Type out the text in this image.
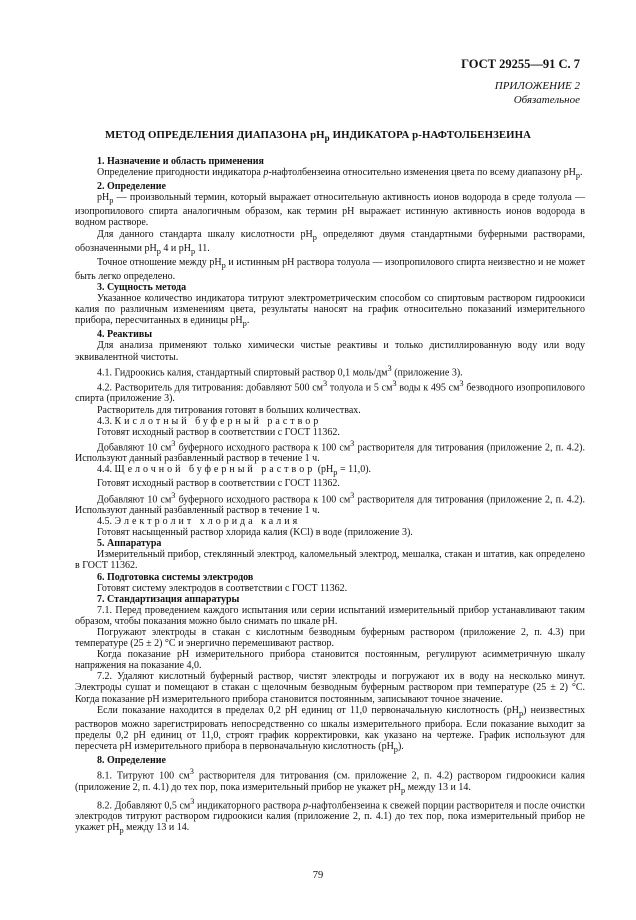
ГОСТ 29255—91 С. 7
ПРИЛОЖЕНИЕ 2
Обязательное
МЕТОД ОПРЕДЕЛЕНИЯ ДИАПАЗОНА $pH_p$ ИНДИКАТОРА p-НАФТОЛБЕНЗЕИНА
1. Назначение и область применения

Определение пригодности индикатора p-нафтолбензеина относительно изменения цвета по всему диапазону $pH_p$.

2. Определение

$pH_p$ — произвольный термин, который выражает относительную активность ионов водорода в среде толуола — изопропилового спирта аналогичным образом, как термин pH выражает истинную активность ионов водорода в водном растворе.

Для данного стандарта шкалу кислотности $pH_p$ определяют двумя стандартными буферными растворами, обозначенными $pH_p$ 4 и $pH_p$ 11.

Точное отношение между $pH_p$ и истинным pH раствора толуола — изопропилового спирта неизвестно и не может быть легко определено.

3. Сущность метода

Указанное количество индикатора титруют электрометрическим способом со спиртовым раствором гидроокиси калия по различным изменениям цвета, результаты наносят на график относительно показаний измерительного прибора, пересчитанных в единицы $pH_p$.

4. Реактивы

Для анализа применяют только химически чистые реактивы и только дистиллированную воду или воду эквивалентной чистоты.

4.1. Гидроокись калия, стандартный спиртовый раствор 0,1 моль/$дм^3$ (приложение 3).

4.2. Растворитель для титрования: добавляют 500 $см^3$ толуола и 5 $см^3$ воды к 495 $см^3$ безводного изопропилового спирта (приложение 3).

Растворитель для титрования готовят в больших количествах.

4.3. Кислотный буферный раствор

Готовят исходный раствор в соответствии с ГОСТ 11362.

Добавляют 10 $см^3$ буферного исходного раствора к 100 $см^3$ растворителя для титрования (приложение 2, п. 4.2). Используют данный разбавленный раствор в течение 1 ч.

4.4. Щелочной буферный раствор $(pH_p = 11,0)$.

Готовят исходный раствор в соответствии с ГОСТ 11362.

Добавляют 10 $см^3$ буферного исходного раствора к 100 $см^3$ растворителя для титрования (приложение 2, п. 4.2). Используют данный разбавленный раствор в течение 1 ч.

4.5. Электролит хлорида калия

Готовят насыщенный раствор хлорида калия (KCl) в воде (приложение 3).

5. Аппаратура

Измерительный прибор, стеклянный электрод, каломельный электрод, мешалка, стакан и штатив, как определено в ГОСТ 11362.

6. Подготовка системы электродов

Готовят систему электродов в соответствии с ГОСТ 11362.

7. Стандартизация аппаратуры

7.1. Перед проведением каждого испытания или серии испытаний измерительный прибор устанавливают таким образом, чтобы показания можно было снимать по шкале pH.

Погружают электроды в стакан с кислотным безводным буферным раствором (приложение 2, п. 4.3) при температуре (25 ± 2) °С и энергично перемешивают раствор.

Когда показание pH измерительного прибора становится постоянным, регулируют асимметричную шкалу напряжения на показание 4,0.

7.2. Удаляют кислотный буферный раствор, чистят электроды и погружают их в воду на несколько минут. Электроды сушат и помещают в стакан с щелочным безводным буферным раствором при температуре (25 ± 2) °С. Когда показание pH измерительного прибора становится постоянным, записывают точное значение.

Если показание находится в пределах 0,2 pH единиц от 11,0 первоначальную кислотность $(pH_p)$ неизвестных растворов можно зарегистрировать непосредственно со шкалы измерительного прибора. Если показание выходит за пределы 0,2 pH единиц от 11,0, строят график корректировки, как указано на чертеже. График используют для пересчета pH измерительного прибора в первоначальную кислотность $(pH_p)$.

8. Определение

8.1. Титруют 100 $см^3$ растворителя для титрования (см. приложение 2, п. 4.2) раствором гидроокиси калия (приложение 2, п. 4.1) до тех пор, пока измерительный прибор не укажет $pH_p$ между 13 и 14.

8.2. Добавляют 0,5 $см^3$ индикаторного раствора p-нафтолбензеина к свежей порции растворителя и после очистки электродов титруют раствором гидроокиси калия (приложение 2, п. 4.1) до тех пор, пока измерительный прибор не укажет $pH_p$ между 13 и 14.

79
